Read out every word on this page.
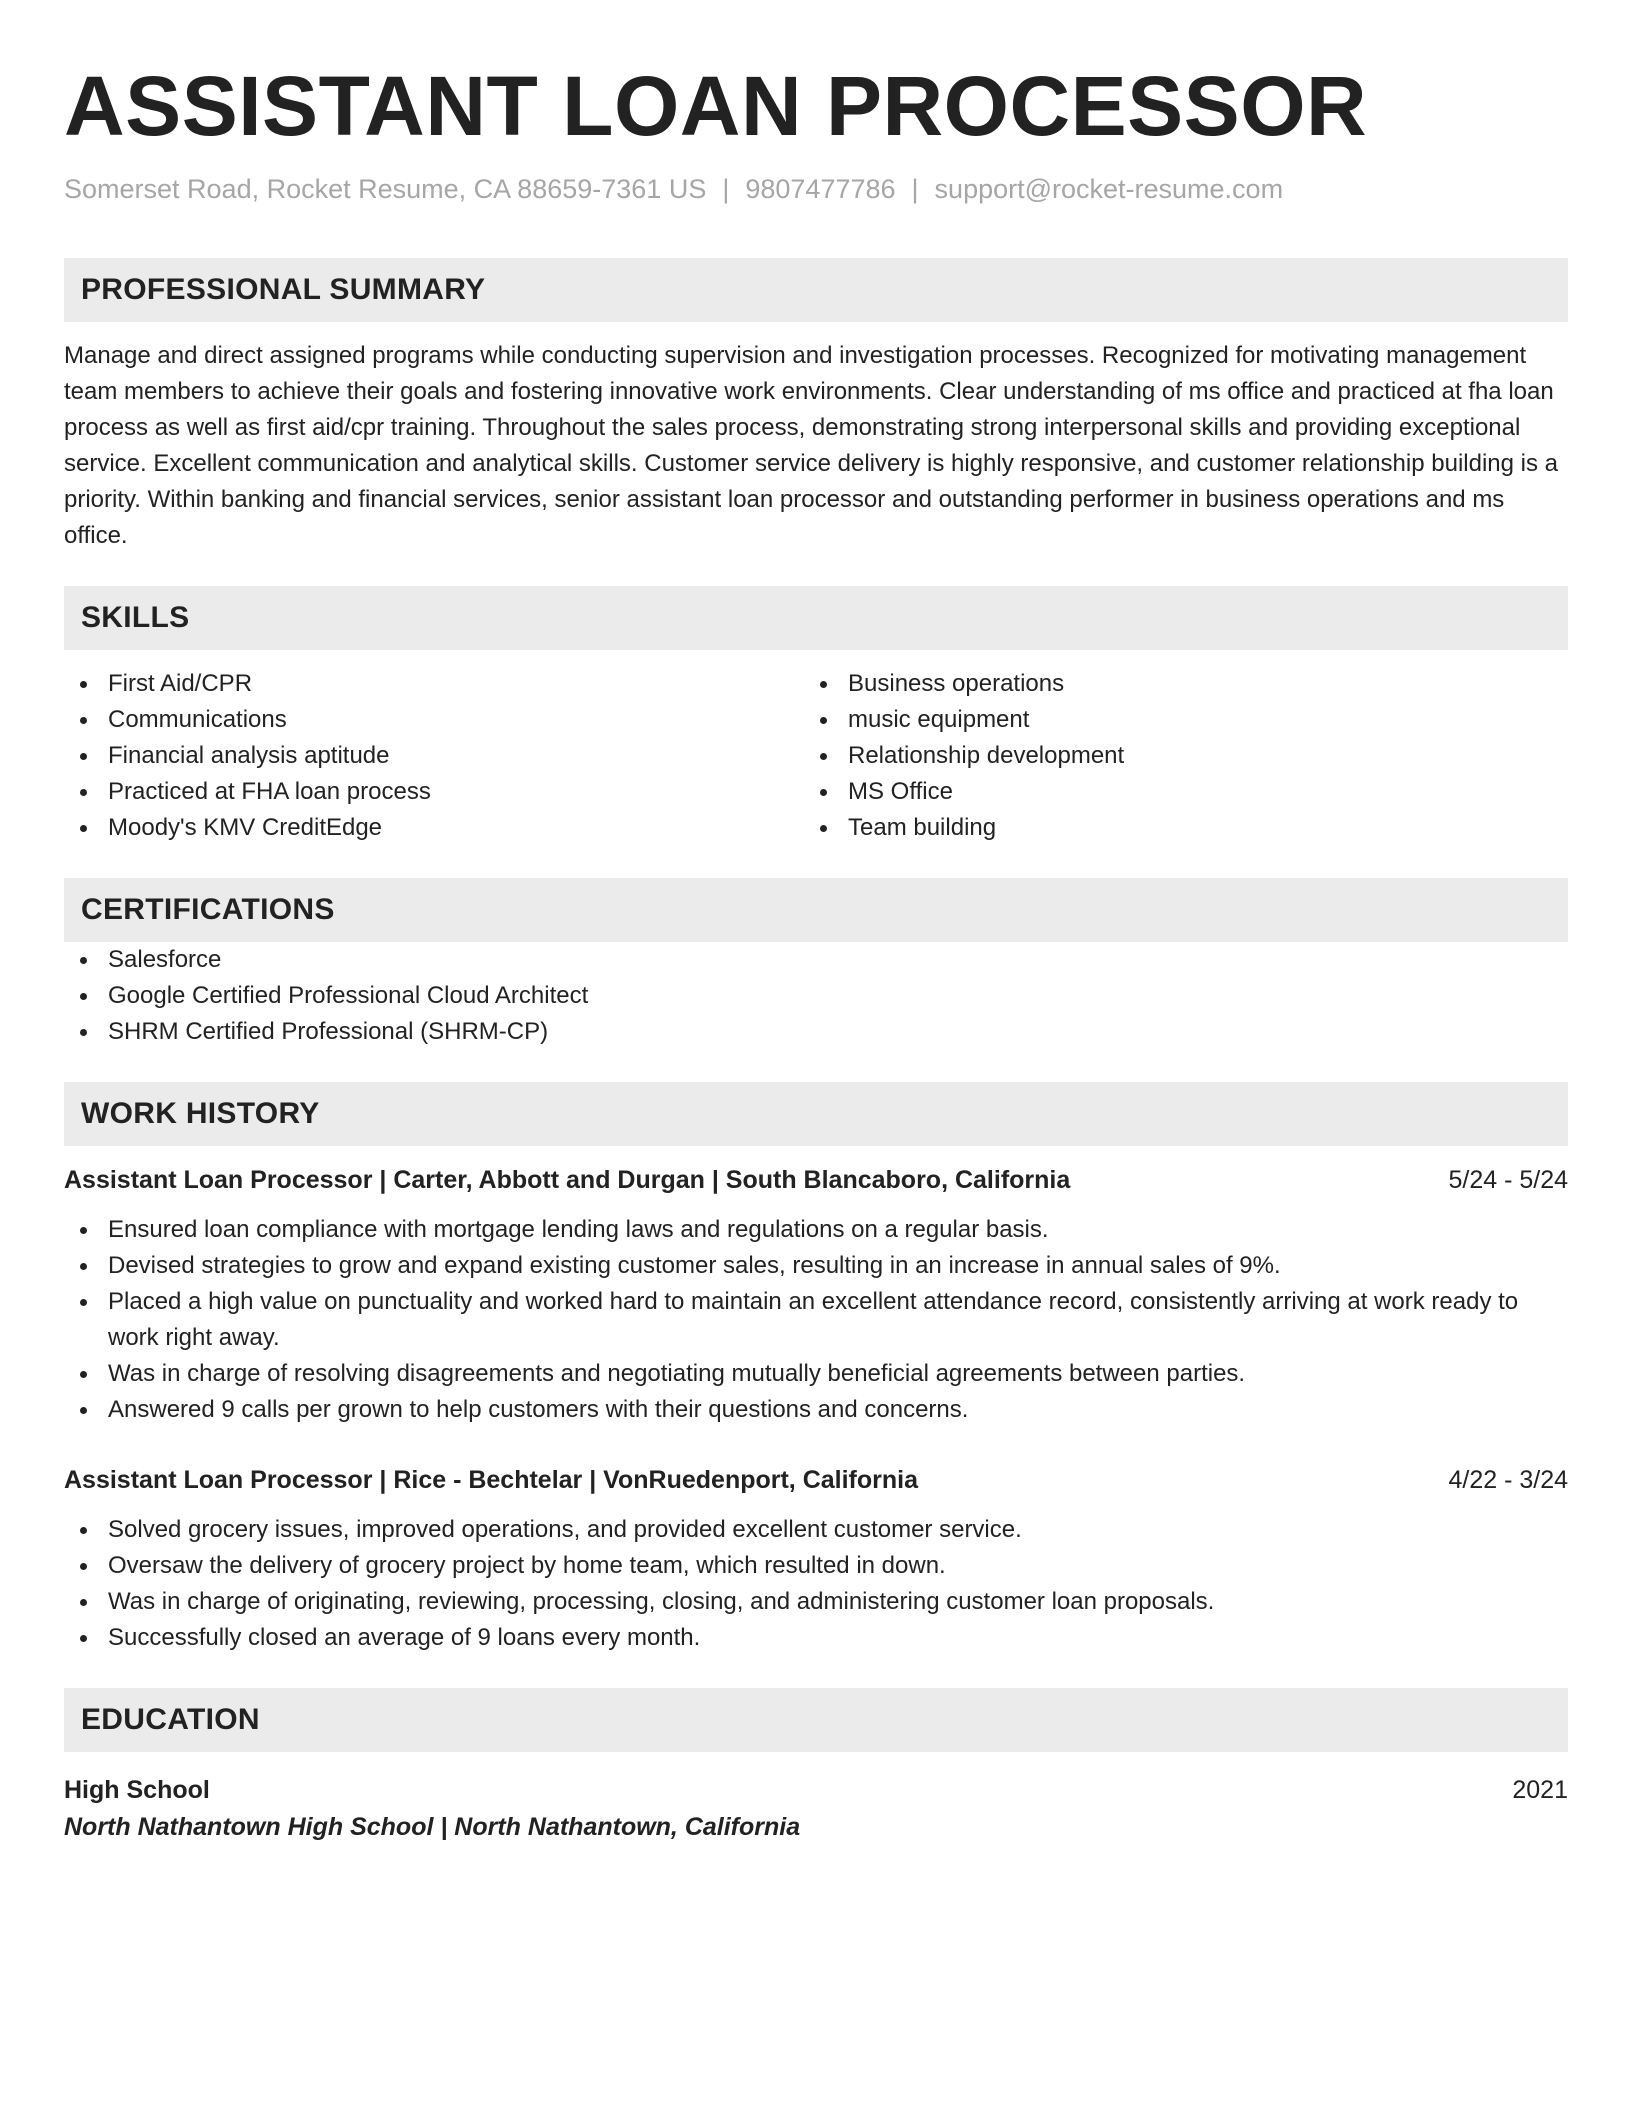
ASSISTANT LOAN PROCESSOR
Somerset Road, Rocket Resume, CA 88659-7361 US | 9807477786 | support@rocket-resume.com
PROFESSIONAL SUMMARY
Manage and direct assigned programs while conducting supervision and investigation processes. Recognized for motivating management team members to achieve their goals and fostering innovative work environments. Clear understanding of ms office and practiced at fha loan process as well as first aid/cpr training. Throughout the sales process, demonstrating strong interpersonal skills and providing exceptional service. Excellent communication and analytical skills. Customer service delivery is highly responsive, and customer relationship building is a priority. Within banking and financial services, senior assistant loan processor and outstanding performer in business operations and ms office.
SKILLS
First Aid/CPR
Communications
Financial analysis aptitude
Practiced at FHA loan process
Moody's KMV CreditEdge
Business operations
music equipment
Relationship development
MS Office
Team building
CERTIFICATIONS
Salesforce
Google Certified Professional Cloud Architect
SHRM Certified Professional (SHRM-CP)
WORK HISTORY
Assistant Loan Processor | Carter, Abbott and Durgan | South Blancaboro, California	5/24 - 5/24
Ensured loan compliance with mortgage lending laws and regulations on a regular basis.
Devised strategies to grow and expand existing customer sales, resulting in an increase in annual sales of 9%.
Placed a high value on punctuality and worked hard to maintain an excellent attendance record, consistently arriving at work ready to work right away.
Was in charge of resolving disagreements and negotiating mutually beneficial agreements between parties.
Answered 9 calls per grown to help customers with their questions and concerns.
Assistant Loan Processor | Rice - Bechtelar | VonRuedenport, California	4/22 - 3/24
Solved grocery issues, improved operations, and provided excellent customer service.
Oversaw the delivery of grocery project by home team, which resulted in down.
Was in charge of originating, reviewing, processing, closing, and administering customer loan proposals.
Successfully closed an average of 9 loans every month.
EDUCATION
High School	2021
North Nathantown High School | North Nathantown, California
